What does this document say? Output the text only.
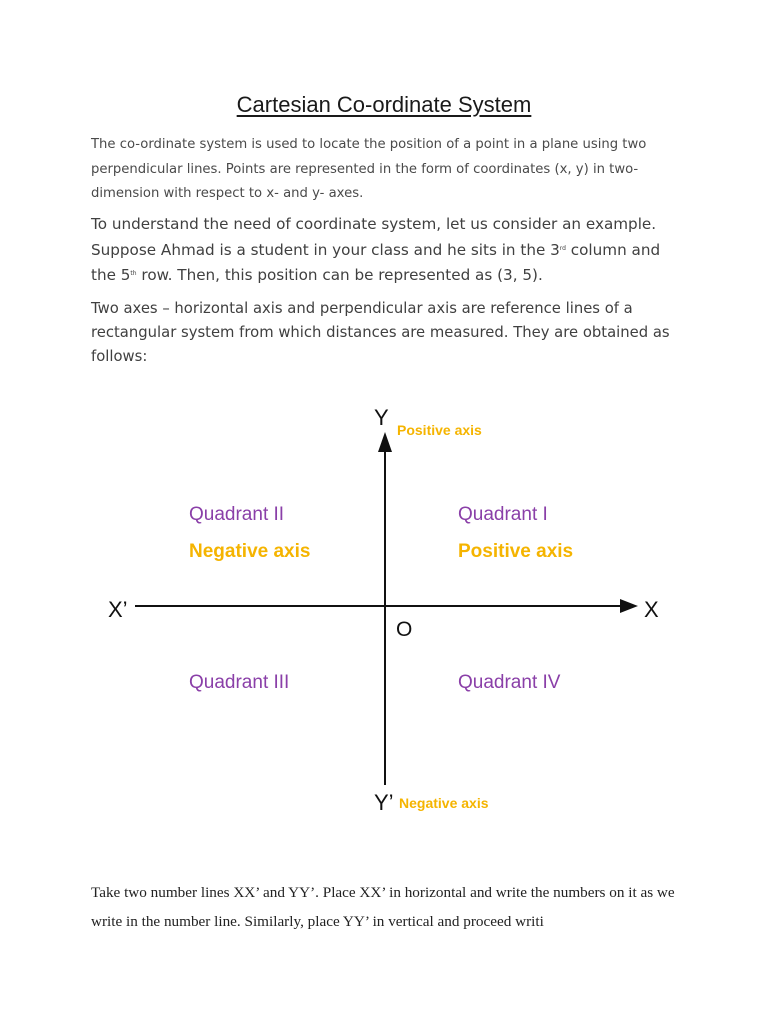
Cartesian Co-ordinate System
The co-ordinate system is used to locate the position of a point in a plane using two perpendicular lines. Points are represented in the form of coordinates (x, y) in two-dimension with respect to x- and y- axes.
To understand the need of coordinate system, let us consider an example.
Suppose Ahmad is a student in your class and he sits in the 3rd column and
the 5th row. Then, this position can be represented as (3, 5).
Two axes – horizontal axis and perpendicular axis are reference lines of a rectangular system from which distances are measured. They are obtained as follows:
Y Positive axis
X’	X
O
Quadrant II
Negative axis
Quadrant I
Positive axis
Quadrant III	Quadrant IV
Y’ Negative axis
Take two number lines XX’ and YY’. Place XX’ in horizontal and write the numbers on it as we write in the number line. Similarly, place YY’ in vertical and proceed writi
